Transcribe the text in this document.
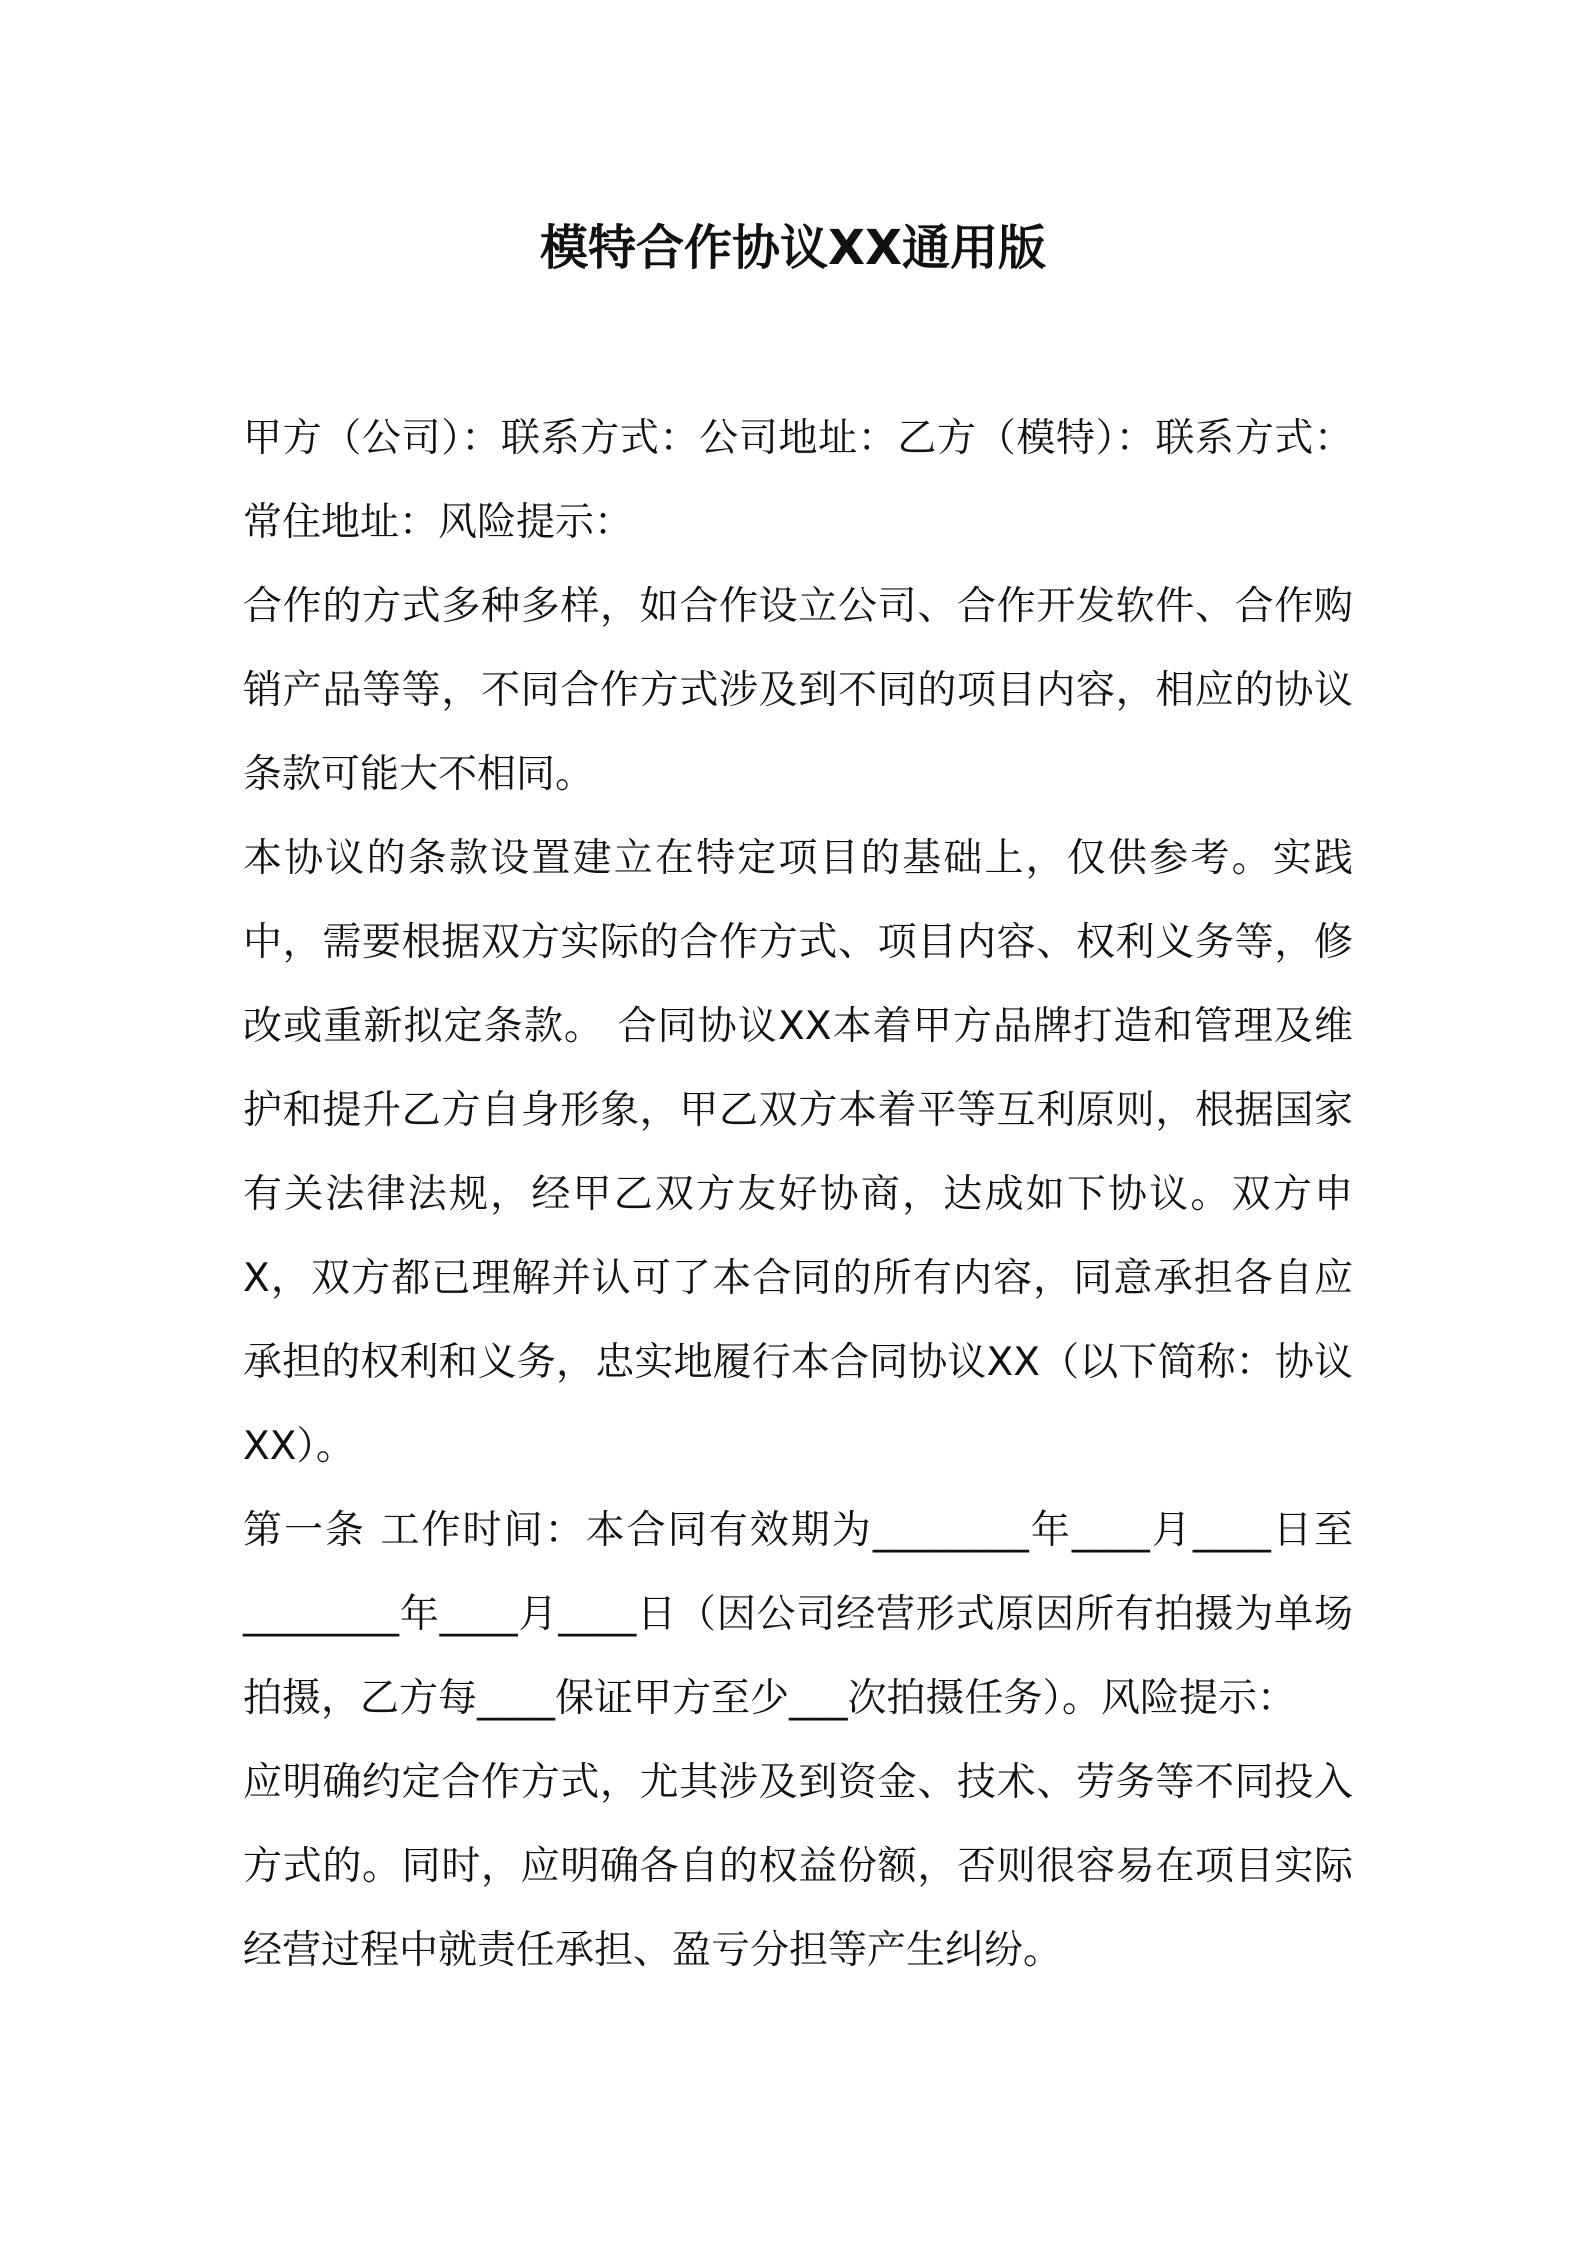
模特合作协议XX通用版

甲方（公司）：联系方式：公司地址：乙方（模特）：联系方式：常住地址：风险提示：

合作的方式多种多样，如合作设立公司、合作开发软件、合作购销产品等等，不同合作方式涉及到不同的项目内容，相应的协议条款可能大不相同。

本协议的条款设置建立在特定项目的基础上，仅供参考。实践中，需要根据双方实际的合作方式、项目内容、权利义务等，修改或重新拟定条款。 合同协议XX本着甲方品牌打造和管理及维护和提升乙方自身形象，甲乙双方本着平等互利原则，根据国家有关法律法规，经甲乙双方友好协商，达成如下协议。双方申X，双方都已理解并认可了本合同的所有内容，同意承担各自应承担的权利和义务，忠实地履行本合同协议XX（以下简称：协议XX）。

第一条 工作时间：本合同有效期为________年____月____日至________年____月____日（因公司经营形式原因所有拍摄为单场拍摄，乙方每____保证甲方至少___次拍摄任务）。风险提示：

应明确约定合作方式，尤其涉及到资金、技术、劳务等不同投入方式的。同时，应明确各自的权益份额，否则很容易在项目实际经营过程中就责任承担、盈亏分担等产生纠纷。
